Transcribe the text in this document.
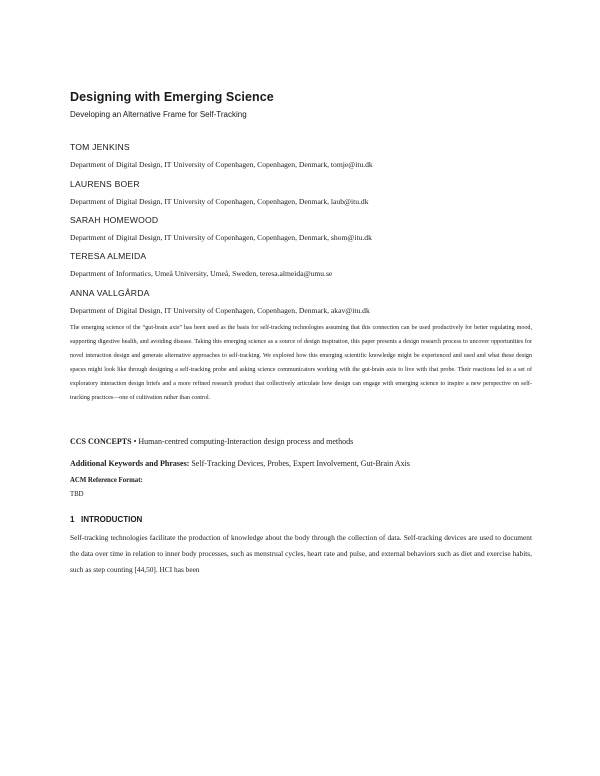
Designing with Emerging Science
Developing an Alternative Frame for Self-Tracking
TOM JENKINS
Department of Digital Design, IT University of Copenhagen, Copenhagen, Denmark, tomje@itu.dk
LAURENS BOER
Department of Digital Design, IT University of Copenhagen, Copenhagen, Denmark, laub@itu.dk
SARAH HOMEWOOD
Department of Digital Design, IT University of Copenhagen, Copenhagen, Denmark, shom@itu.dk
TERESA ALMEIDA
Department of Informatics, Umeå University, Umeå, Sweden, teresa.almeida@umu.se
ANNA VALLGÅRDA
Department of Digital Design, IT University of Copenhagen, Copenhagen, Denmark, akav@itu.dk

The emerging science of the “gut-brain axis” has been used as the basis for self-tracking technologies assuming that this connection can be used productively for better regulating mood, supporting digestive health, and avoiding disease. Taking this emerging science as a source of design inspiration, this paper presents a design research process to uncover opportunities for novel interaction design and generate alternative approaches to self-tracking. We explored how this emerging scientific knowledge might be experienced and used and what these design spaces might look like through designing a self-tracking probe and asking science communicators working with the gut-brain axis to live with that probe. Their reactions led to a set of exploratory interaction design briefs and a more refined research product that collectively articulate how design can engage with emerging science to inspire a new perspective on self-tracking practices—one of cultivation rather than control.

CCS CONCEPTS • Human-centred computing-Interaction design process and methods
Additional Keywords and Phrases: Self-Tracking Devices, Probes, Expert Involvement, Gut-Brain Axis
ACM Reference Format:
TBD
1 INTRODUCTION

Self-tracking technologies facilitate the production of knowledge about the body through the collection of data. Self-tracking devices are used to document the data over time in relation to inner body processes, such as menstrual cycles, heart rate and pulse, and external behaviors such as diet and exercise habits, such as step counting [44,50]. HCI has been
